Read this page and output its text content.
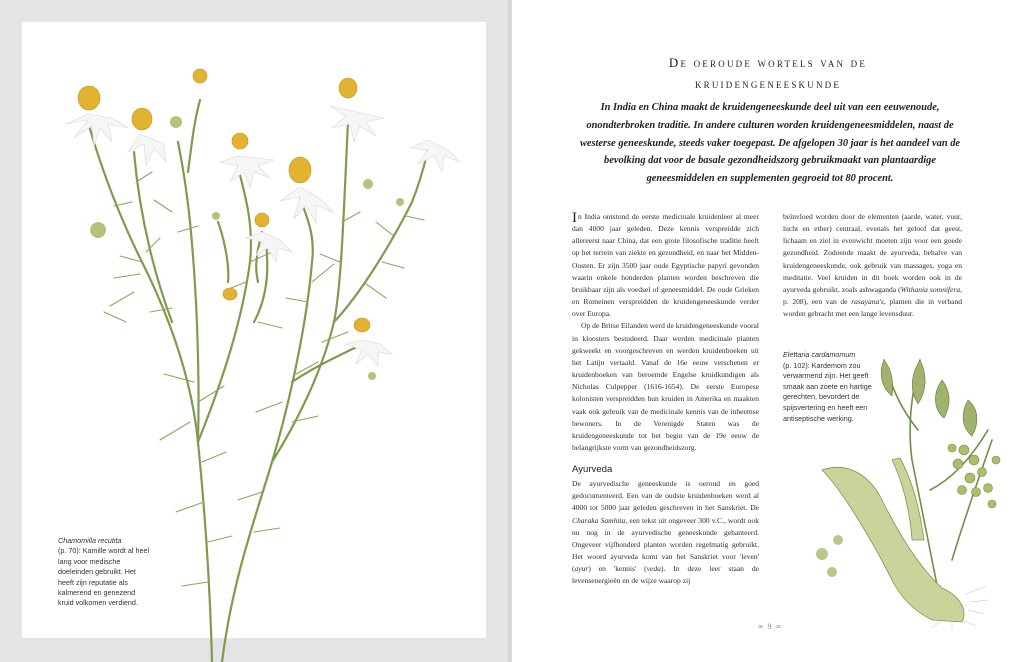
Chamomilla recutita
(p. 70): Kamille wordt al heel lang voor medische doeleinden gebruikt. Het heeft zijn reputatie als kalmerend en genezend kruid volkomen verdiend.
De oeroude wortels van de
kruidengeneeskunde
In India en China maakt de kruidengeneeskunde deel uit van een eeuwenoude, onondterbroken traditie. In andere culturen worden kruidengeneesmiddelen, naast de westerse geneeskunde, steeds vaker toegepast. De afgelopen 30 jaar is het aandeel van de bevolking dat voor de basale gezondheidszorg gebruikmaakt van plantaardige geneesmiddelen en supplementen gegroeid tot 80 procent.

In India ontstond de eerste medicinale kruidenleer al meer dan 4000 jaar geleden. Deze kennis verspreidde zich allereerst naar China, dat een grote filosofische traditie heeft op het terrein van ziekte en gezondheid, en naar het Midden-Oosten. Er zijn 3500 jaar oude Egyptische papyri gevonden waarin enkele honderden planten worden beschreven die bruikbaar zijn als voedsel of geneesmiddel. De oude Grieken en Romeinen verspreidden de kruidengeneeskunde verder over Europa.

Op de Britse Eilanden werd de kruidengeneeskunde vooral in kloosters bestudeerd. Daar werden medicinale planten gekweekt en voorgeschreven en werden kruidenboeken uit het Latijn vertaald. Vanaf de 16e eeuw verschenen er kruidenboeken van beroemde Engelse kruidkundigen als Nicholas Culpepper (1616-1654). De eerste Europese kolonisten verspreidden hun kruiden in Amerika en maakten vaak ook gebruik van de medicinale kennis van de inheemse bewoners. In de Verenigde Staten was de kruidengeneeskunde tot het begin van de 19e eeuw de belangrijkste vorm van gezondheidszorg.

Ayurveda

De ayurvedische geneeskunde is oeroud en goed gedocumenteerd. Een van de oudste kruidenboeken werd al 4000 tot 5000 jaar geleden geschreven in het Sanskriet. De Charaka Samhita, een tekst uit ongeveer 300 v.C., wordt ook nu nog in de ayurvedische geneeskunde gehanteerd. Ongeveer vijfhonderd planten worden regelmatig gebruikt. Het woord ayurveda komt van het Sanskriet voor 'leven' (ayur) en 'kennis' (veda). In deze leer staan de levensenergieën en de wijze waarop zij

beïnvloed worden door de elementen (aarde, water, vuur, lucht en ether) centraal, evenals het geloof dat geest, lichaam en ziel in evenwicht moeten zijn voor een goede gezondheid. Zodoende maakt de ayurveda, behalve van kruidengeneeskunde, ook gebruik van massages, yoga en meditatie. Veel kruiden in dit boek worden ook in de ayurveda gebruikt, zoals ashwaganda (Withania somnifera, p. 208), een van de rasayana's, planten die in verband worden gebracht met een lange levensduur.

Elettaria cardamomum
(p. 102): Kardemom zou verwarmend zijn. Het geeft smaak aan zoete en hartige gerechten, bevordert de spijsvertering en heeft een antiseptische werking.
∞ 9 ∞
